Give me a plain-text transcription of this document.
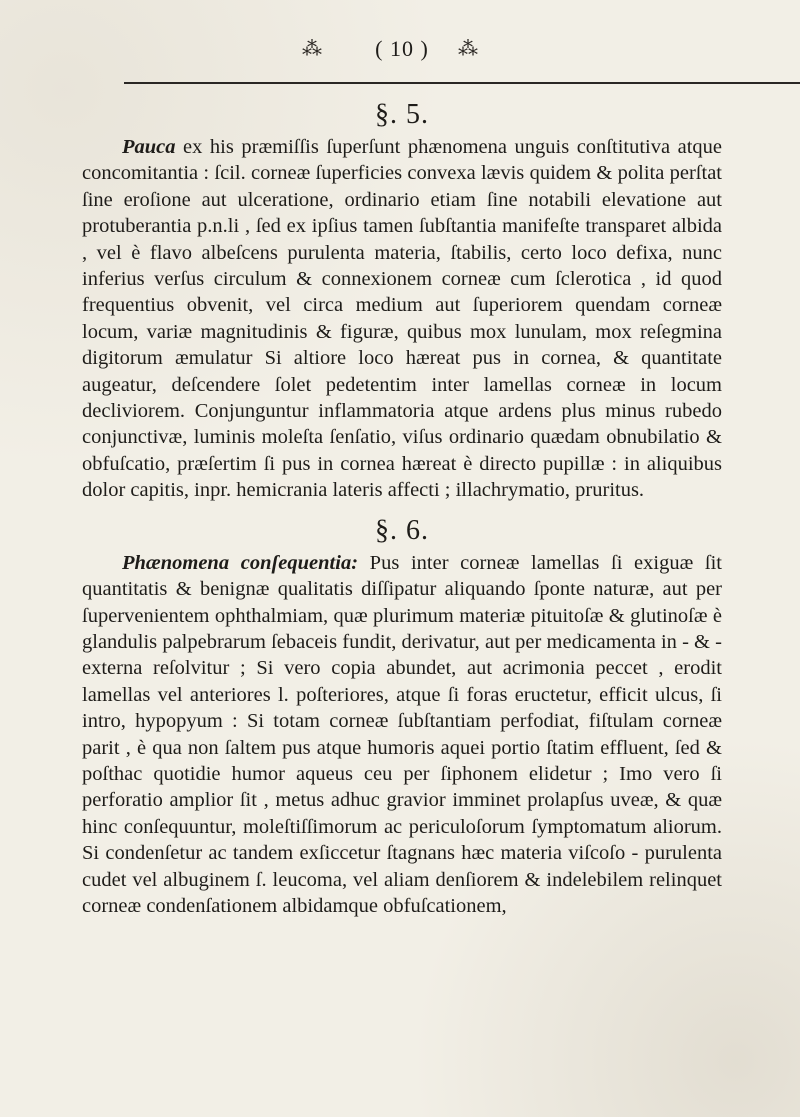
⁂	( 10 )	⁂
§. 5.

Pauca ex his præmiſſis ſuperſunt phænomena unguis conſtitutiva atque concomitantia : ſcil. corneæ ſuperficies convexa lævis quidem & polita perſtat ſine eroſione aut ulceratione, ordinario etiam ſine notabili elevatione aut protuberantia p.n.li , ſed ex ipſius tamen ſubſtantia manifeſte transparet albida , vel è flavo albeſcens purulenta materia, ſtabilis, certo loco defixa, nunc inferius verſus circulum & connexionem corneæ cum ſclerotica , id quod frequentius obvenit, vel circa medium aut ſuperiorem quendam corneæ locum, variæ magnitudinis & figuræ, quibus mox lunulam, mox reſegmina digitorum æmulatur Si altiore loco hæreat pus in cornea, & quantitate augeatur, deſcendere ſolet pedetentim inter lamellas corneæ in locum decliviorem. Conjunguntur inflammatoria atque ardens plus minus rubedo conjunctivæ, luminis moleſta ſenſatio, viſus ordinario quædam obnubilatio & obfuſcatio, præſertim ſi pus in cornea hæreat è directo pupillæ : in aliquibus dolor capitis, inpr. hemicrania lateris affecti ; illachrymatio, pruritus.

§. 6.

Phænomena conſequentia: Pus inter corneæ lamellas ſi exiguæ ſit quantitatis & benignæ qualitatis diſſipatur aliquando ſponte naturæ, aut per ſupervenientem ophthalmiam, quæ plurimum materiæ pituitoſæ & glutinoſæ è glandulis palpebrarum ſebaceis fundit, derivatur, aut per medicamenta in - & - externa reſolvitur ; Si vero copia abundet, aut acrimonia peccet , erodit lamellas vel anteriores l. poſteriores, atque ſi foras eructetur, efficit ulcus, ſi intro, hypopyum : Si totam corneæ ſubſtantiam perfodiat, fiſtulam corneæ parit , è qua non ſaltem pus atque humoris aquei portio ſtatim effluent, ſed & poſthac quotidie humor aqueus ceu per ſiphonem elidetur ; Imo vero ſi perforatio amplior ſit , metus adhuc gravior imminet prolapſus uveæ, & quæ hinc conſequuntur, moleſtiſſimorum ac periculoſorum ſymptomatum aliorum. Si condenſetur ac tandem exſiccetur ſtagnans hæc materia viſcoſo - purulenta cudet vel albuginem ſ. leucoma, vel aliam denſiorem & indelebilem relinquet corneæ condenſationem albidamque obfuſcationem,
